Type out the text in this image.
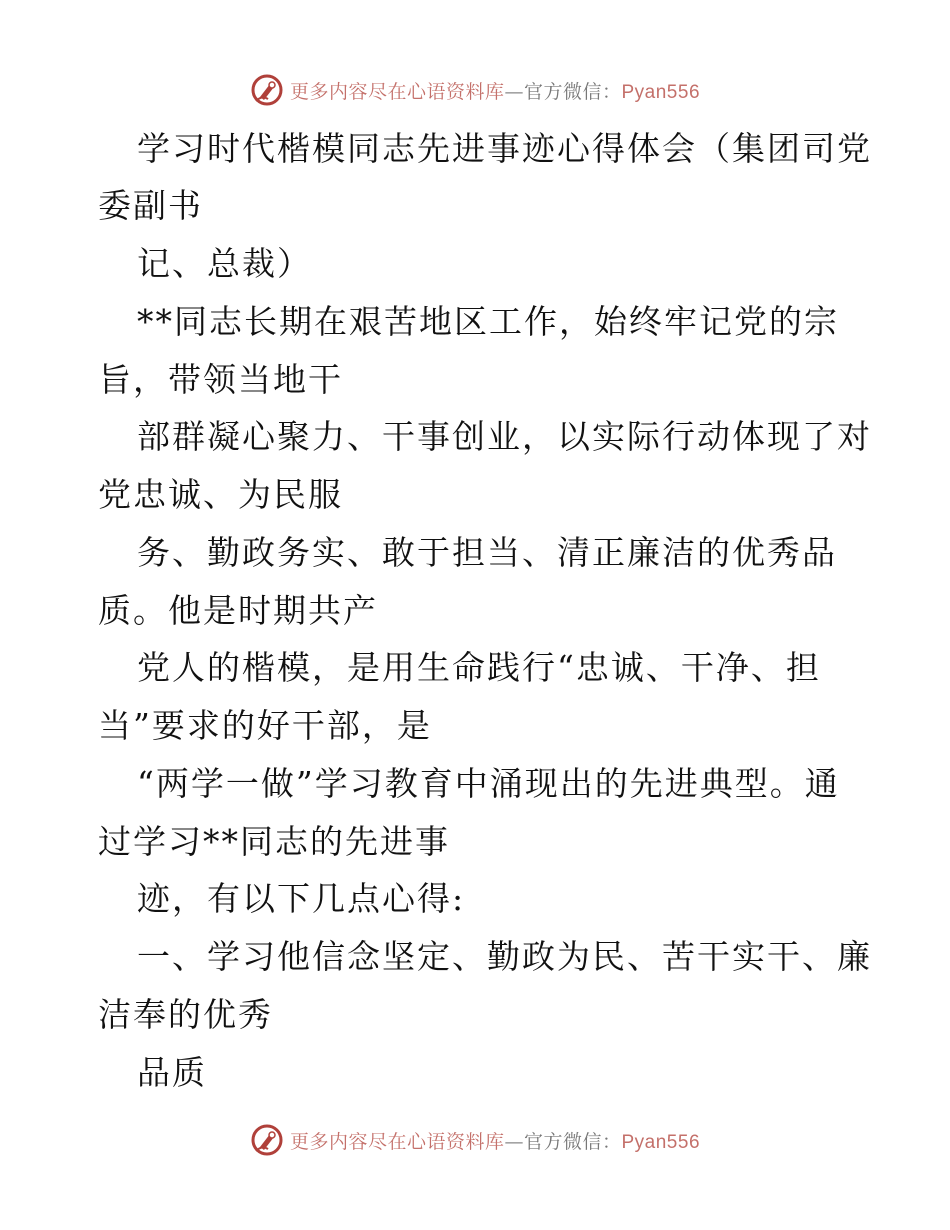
更多内容尽在心语资料库—官方微信：Pyan556
学习时代楷模同志先进事迹心得体会（集团司党
委副书
记、总裁）
**同志长期在艰苦地区工作，始终牢记党的宗
旨，带领当地干
部群凝心聚力、干事创业，以实际行动体现了对
党忠诚、为民服
务、勤政务实、敢于担当、清正廉洁的优秀品
质。他是时期共产
党人的楷模，是用生命践行“忠诚、干净、担
当”要求的好干部，是
“两学一做”学习教育中涌现出的先进典型。通
过学习**同志的先进事
迹，有以下几点心得:
一、学习他信念坚定、勤政为民、苦干实干、廉
洁奉的优秀
品质
更多内容尽在心语资料库—官方微信：Pyan556
